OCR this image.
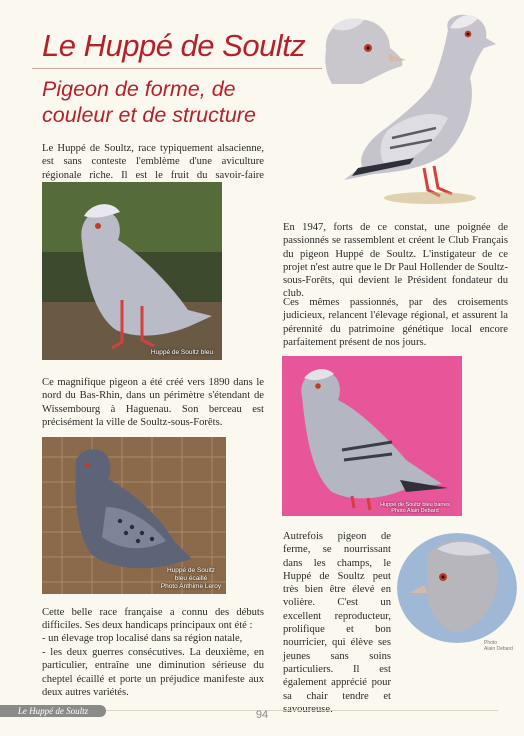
Le Huppé de Soultz
Pigeon de forme, de couleur et de structure

Le Huppé de Soultz, race typiquement alsacienne, est sans conteste l'emblème d'une aviculture régionale riche. Il est le fruit du savoir-faire

Huppé de Soultz bleu

Ce magnifique pigeon a été créé vers 1890 dans le nord du Bas-Rhin, dans un périmètre s'étendant de Wissembourg à Haguenau. Son berceau est précisément la ville de Soultz-sous-Forêts.

Huppé de Soultz
bleu écaillé
Photo Anthime Leroy

Cette belle race française a connu des débuts difficiles. Ses deux handicaps principaux ont été :

- un élevage trop localisé dans sa région natale,

- les deux guerres consécutives. La deuxième, en particulier, entraîne une diminution sérieuse du cheptel écaillé et porte un préjudice manifeste aux deux autres variétés.

En 1947, forts de ce constat, une poignée de passionnés se rassemblent et créent le Club Français du pigeon Huppé de Soultz. L'instigateur de ce projet n'est autre que le Dr Paul Hollender de Soultz-sous-Forêts, qui devient le Président fondateur du club.

Ces mêmes passionnés, par des croisements judicieux, relancent l'élevage régional, et assurent la pérennité du patrimoine génétique local encore parfaitement présent de nos jours.

Huppé de Soultz bleu barres
Photo Alain Debard

Autrefois pigeon de ferme, se nourrissant dans les champs, le Huppé de Soultz peut très bien être élevé en volière. C'est un excellent reproducteur, prolifique et bon nourricier, qui élève ses jeunes sans soins particuliers. Il est également apprécié pour sa chair tendre et

Photo
Alain Debard
Le Huppé de Soultz	94
